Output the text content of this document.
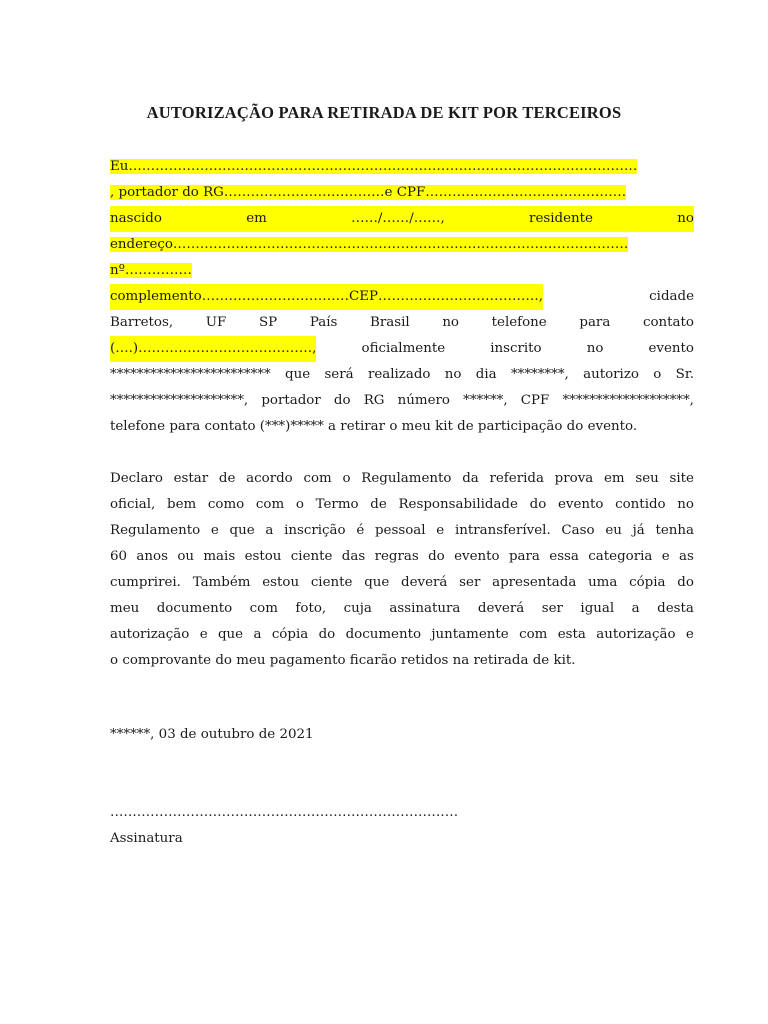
AUTORIZAÇÃO PARA RETIRADA DE KIT POR TERCEIROS
Eu……………………………………………………………………………………………………
, portador do RG………………………………e CPF………………………………………
nascido	em	……/……/……,	residente	no
endereço…………………………………………………………………………………………
nº……………
complemento……………………………CEP………………………………,	cidade
Barretos, UF SP País Brasil no telefone para contato
(….)…………………………………,	oficialmente	inscrito	no	evento
************************ que será realizado no dia ********, autorizo o Sr.
********************, portador do RG número ******, CPF *******************,
telefone para contato (***)***** a retirar o meu kit de participação do evento.
Declaro estar de acordo com o Regulamento da referida prova em seu site
oficial, bem como com o Termo de Responsabilidade do evento contido no
Regulamento e que a inscrição é pessoal e intransferível. Caso eu já tenha
60 anos ou mais estou ciente das regras do evento para essa categoria e as
cumprirei. Também estou ciente que deverá ser apresentada uma cópia do
meu documento com foto, cuja assinatura deverá ser igual a desta
autorização e que a cópia do documento juntamente com esta autorização e
o comprovante do meu pagamento ficarão retidos na retirada de kit.
******, 03 de outubro de 2021
……………………………………………………………………
Assinatura
